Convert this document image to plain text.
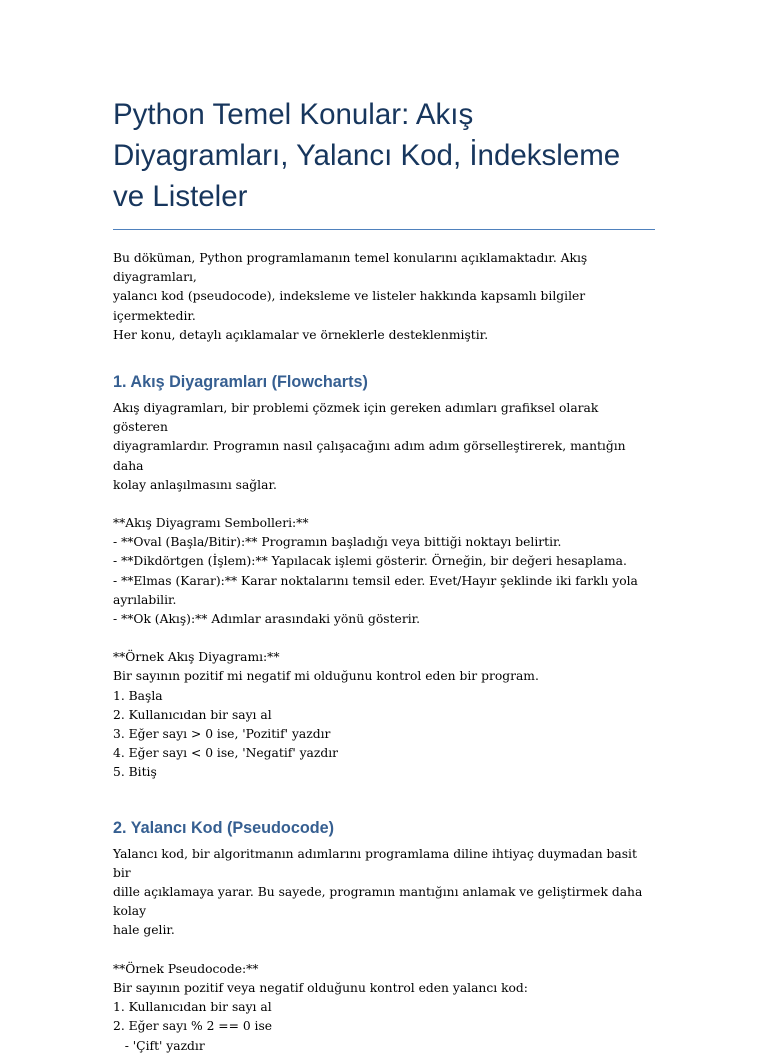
Python Temel Konular: Akış Diyagramları, Yalancı Kod, İndeksleme ve Listeler

Bu döküman, Python programlamanın temel konularını açıklamaktadır. Akış diyagramları,
yalancı kod (pseudocode), indeksleme ve listeler hakkında kapsamlı bilgiler içermektedir.
Her konu, detaylı açıklamalar ve örneklerle desteklenmiştir.

1. Akış Diyagramları (Flowcharts)

Akış diyagramları, bir problemi çözmek için gereken adımları grafiksel olarak gösteren
diyagramlardır. Programın nasıl çalışacağını adım adım görselleştirerek, mantığın daha
kolay anlaşılmasını sağlar.

**Akış Diyagramı Sembolleri:**
- **Oval (Başla/Bitir):** Programın başladığı veya bittiği noktayı belirtir.
- **Dikdörtgen (İşlem):** Yapılacak işlemi gösterir. Örneğin, bir değeri hesaplama.
- **Elmas (Karar):** Karar noktalarını temsil eder. Evet/Hayır şeklinde iki farklı yola
ayrılabilir.
- **Ok (Akış):** Adımlar arasındaki yönü gösterir.

**Örnek Akış Diyagramı:**
Bir sayının pozitif mi negatif mi olduğunu kontrol eden bir program.
1. Başla
2. Kullanıcıdan bir sayı al
3. Eğer sayı > 0 ise, 'Pozitif' yazdır
4. Eğer sayı < 0 ise, 'Negatif' yazdır
5. Bitiş

2. Yalancı Kod (Pseudocode)

Yalancı kod, bir algoritmanın adımlarını programlama diline ihtiyaç duymadan basit bir
dille açıklamaya yarar. Bu sayede, programın mantığını anlamak ve geliştirmek daha kolay
hale gelir.

**Örnek Pseudocode:**
Bir sayının pozitif veya negatif olduğunu kontrol eden yalancı kod:
1. Kullanıcıdan bir sayı al
2. Eğer sayı % 2 == 0 ise
- 'Çift' yazdır
